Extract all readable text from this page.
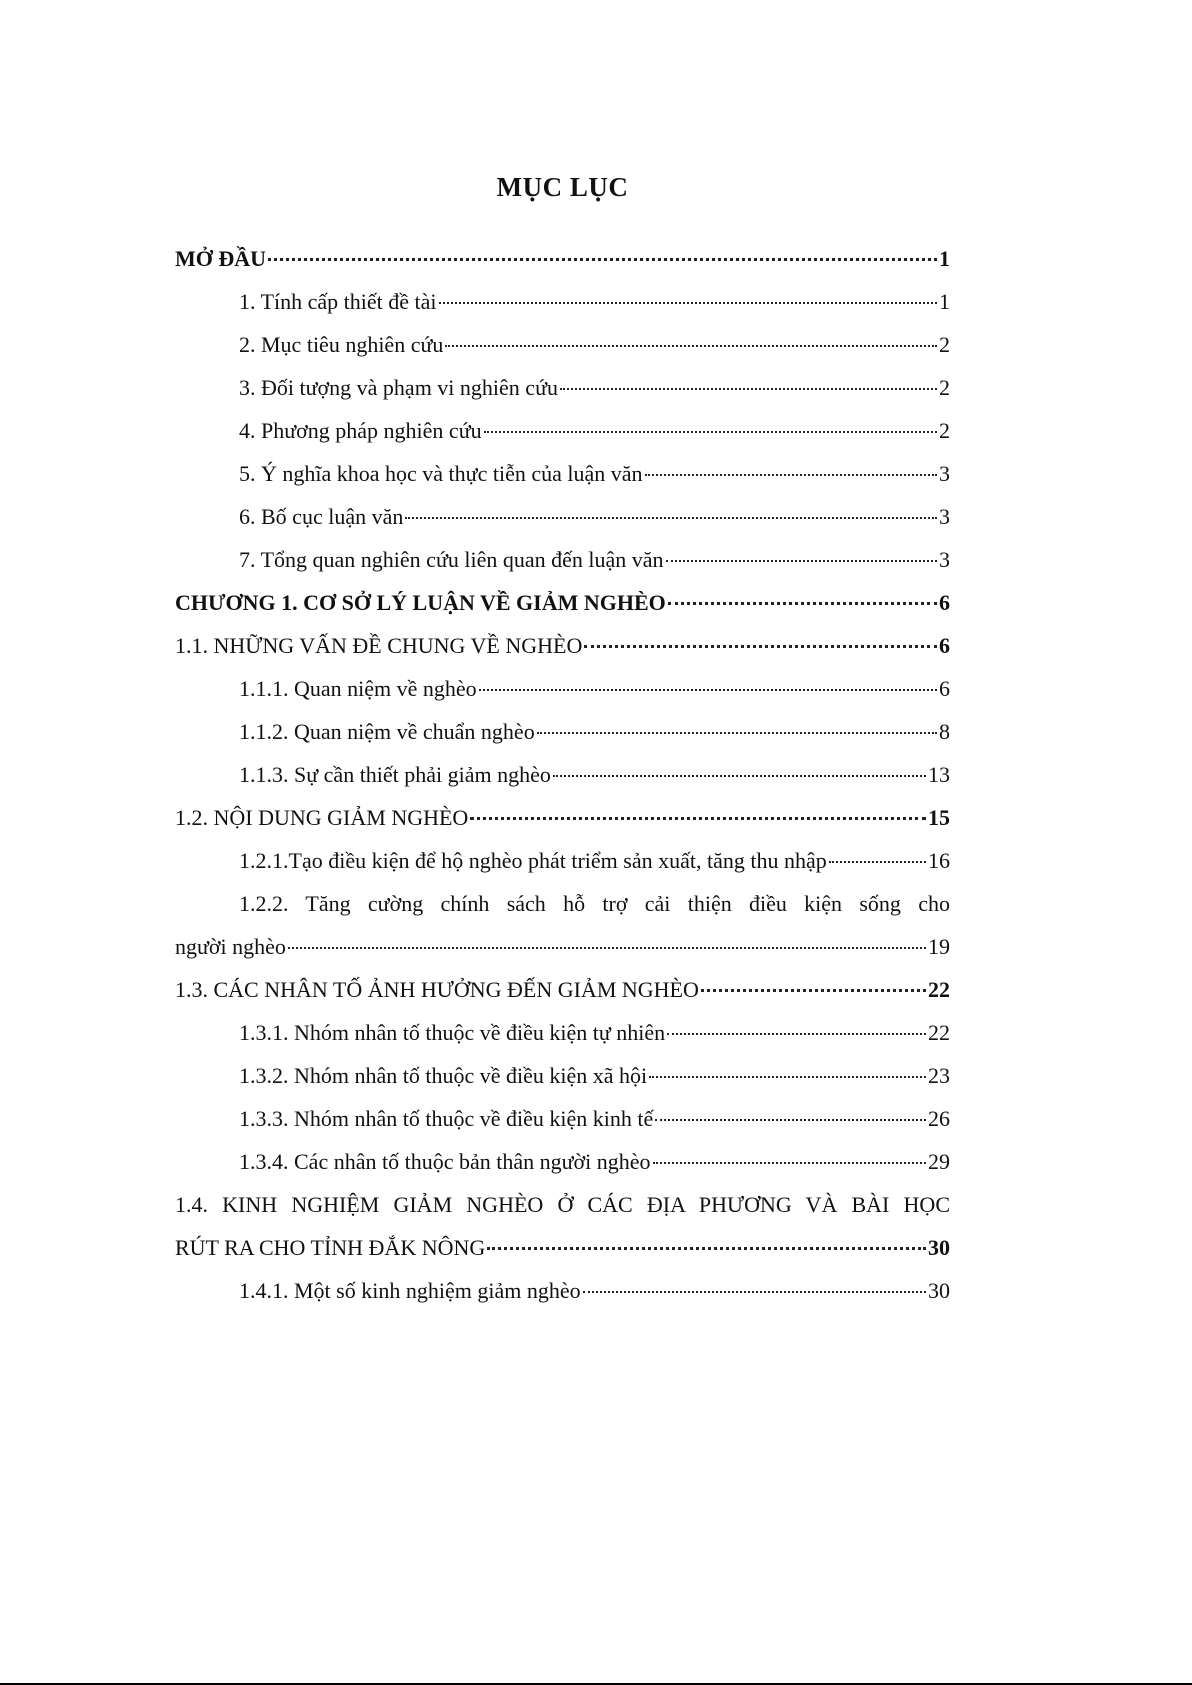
MỤC LỤC
MỞ ĐẦU	1
1. Tính cấp thiết đề tài	1
2. Mục tiêu nghiên cứu	2
3. Đối tượng và phạm vi nghiên cứu	2
4. Phương pháp nghiên cứu	2
5. Ý nghĩa khoa học và thực tiễn của luận văn	3
6. Bố cục luận văn	3
7. Tổng quan nghiên cứu liên quan đến luận văn	3
CHƯƠNG 1. CƠ SỞ LÝ LUẬN VỀ GIẢM NGHÈO	6
1.1. NHỮNG VẤN ĐỀ CHUNG VỀ NGHÈO	6
1.1.1. Quan niệm về nghèo	6
1.1.2. Quan niệm về chuẩn nghèo	8
1.1.3. Sự cần thiết phải giảm nghèo	13
1.2. NỘI DUNG GIẢM NGHÈO	15
1.2.1.Tạo điều kiện để hộ nghèo phát triểm sản xuất, tăng thu nhập	16
1.2.2. Tăng cường chính sách hỗ trợ cải thiện điều kiện sống cho
người nghèo	19
1.3. CÁC NHÂN TỐ ẢNH HƯỞNG ĐẾN GIẢM NGHÈO	22
1.3.1. Nhóm nhân tố thuộc về điều kiện tự nhiên	22
1.3.2. Nhóm nhân tố thuộc về điều kiện xã hội	23
1.3.3. Nhóm nhân tố thuộc về điều kiện kinh tế	26
1.3.4. Các nhân tố thuộc bản thân người nghèo	29
1.4. KINH NGHIỆM GIẢM NGHÈO Ở CÁC ĐỊA PHƯƠNG VÀ BÀI HỌC
RÚT RA CHO TỈNH ĐẮK NÔNG	30
1.4.1. Một số kinh nghiệm giảm nghèo	30
